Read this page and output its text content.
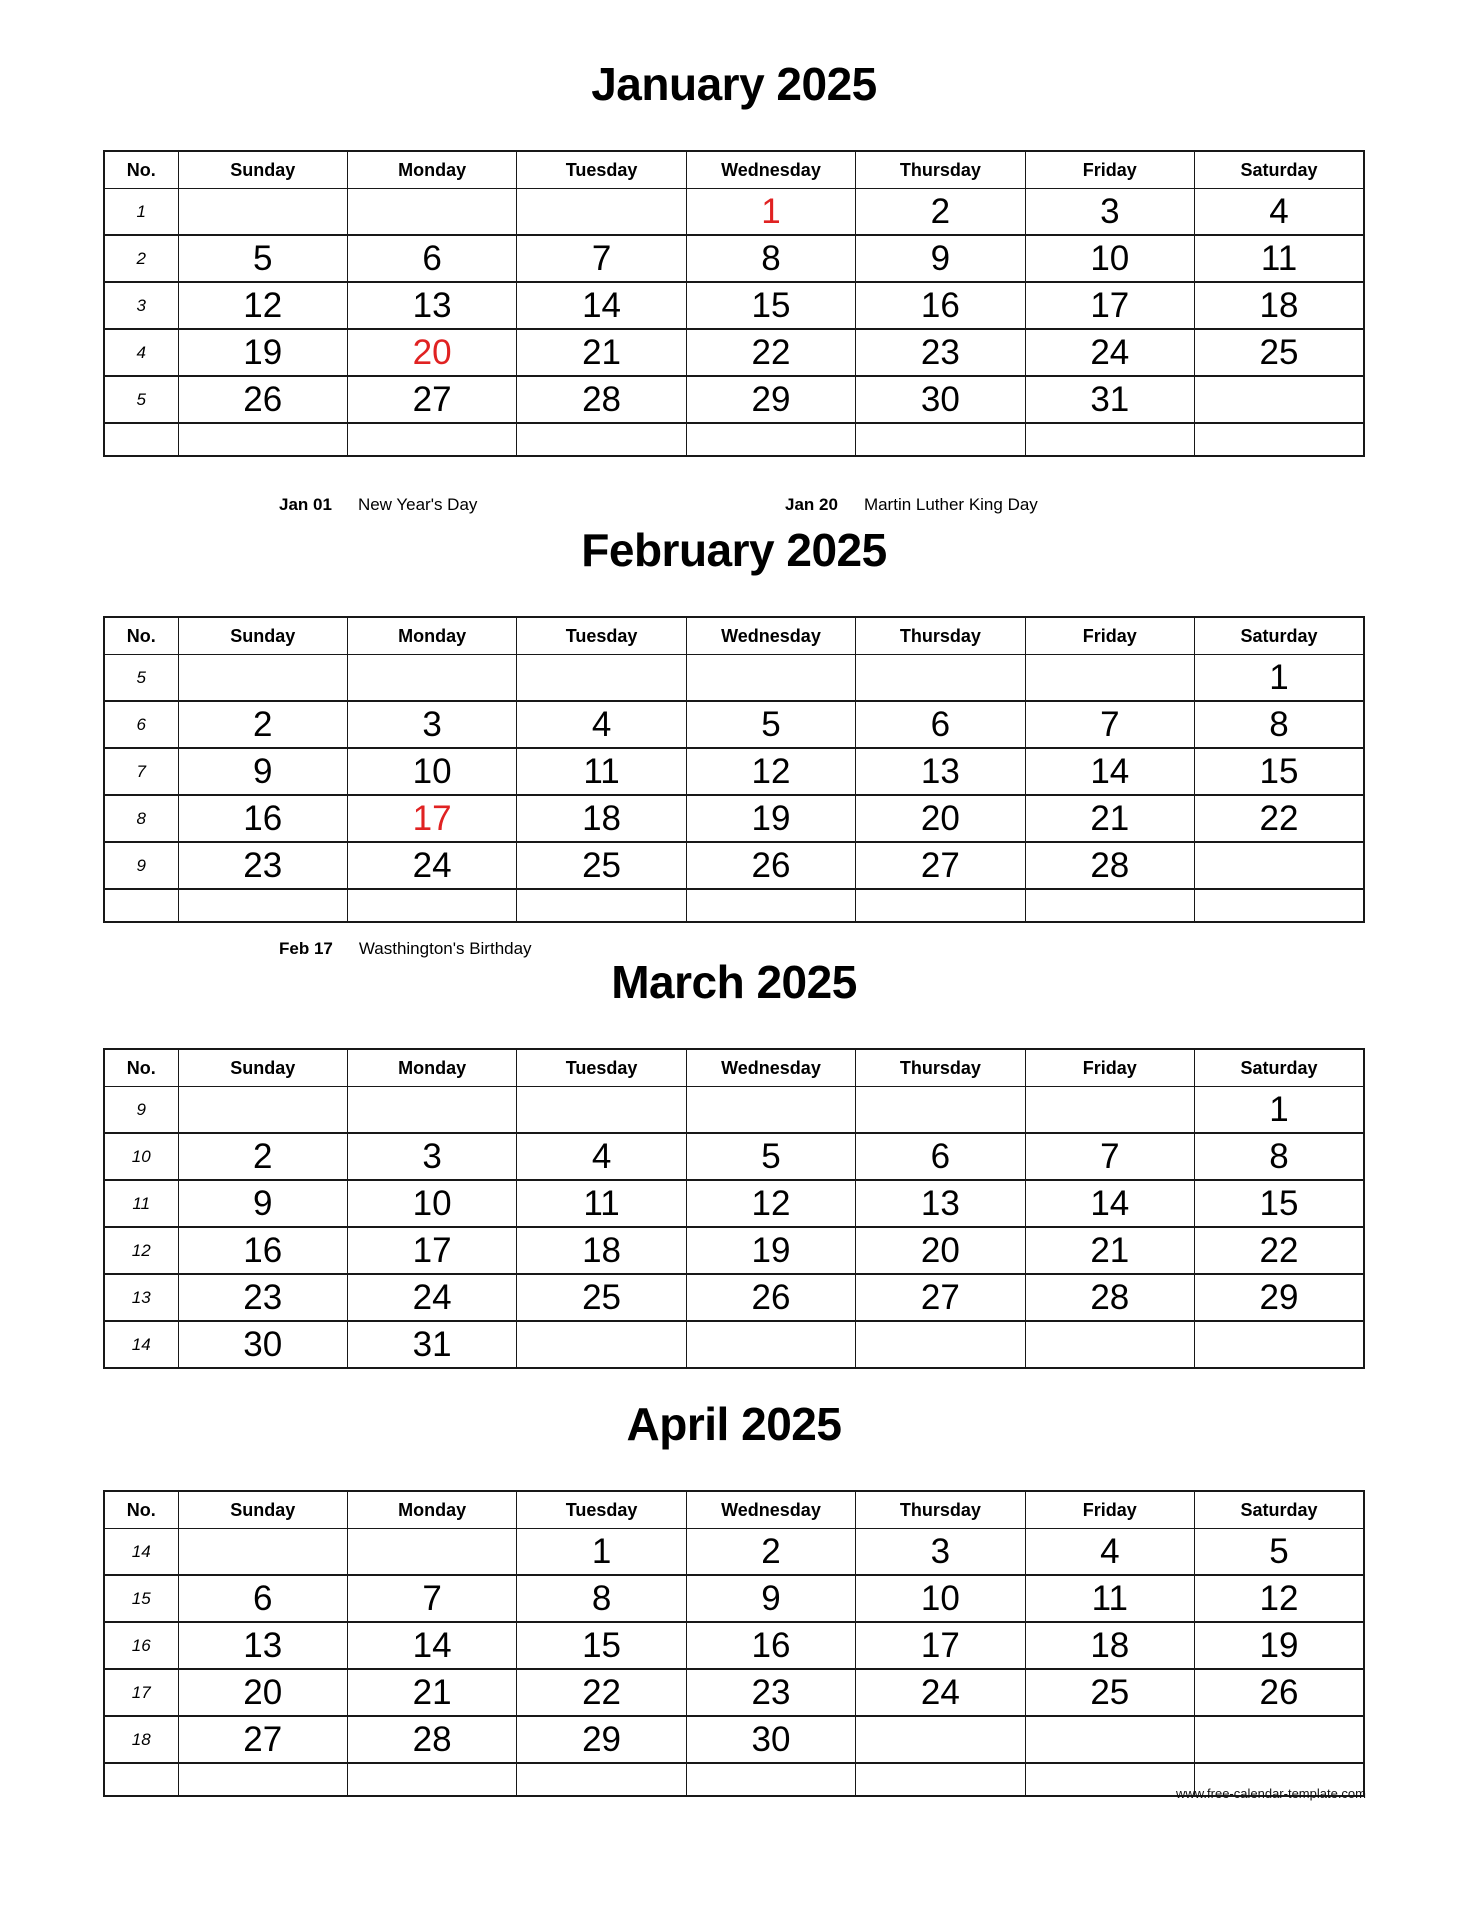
January 2025
No.	Sunday	Monday	Tuesday	Wednesday	Thursday	Friday	Saturday
1				1	2	3	4
2	5	6	7	8	9	10	11
3	12	13	14	15	16	17	18
4	19	20	21	22	23	24	25
5	26	27	28	29	30	31	

Jan 01 New Year's Day	Jan 20 Martin Luther King Day
February 2025
No.	Sunday	Monday	Tuesday	Wednesday	Thursday	Friday	Saturday
5							1
6	2	3	4	5	6	7	8
7	9	10	11	12	13	14	15
8	16	17	18	19	20	21	22
9	23	24	25	26	27	28	

Feb 17 Wasthington's Birthday
March 2025
No.	Sunday	Monday	Tuesday	Wednesday	Thursday	Friday	Saturday
9							1
10	2	3	4	5	6	7	8
11	9	10	11	12	13	14	15
12	16	17	18	19	20	21	22
13	23	24	25	26	27	28	29
14	30	31					
April 2025
No.	Sunday	Monday	Tuesday	Wednesday	Thursday	Friday	Saturday
14			1	2	3	4	5
15	6	7	8	9	10	11	12
16	13	14	15	16	17	18	19
17	20	21	22	23	24	25	26
18	27	28	29	30			

www.free-calendar-template.com
